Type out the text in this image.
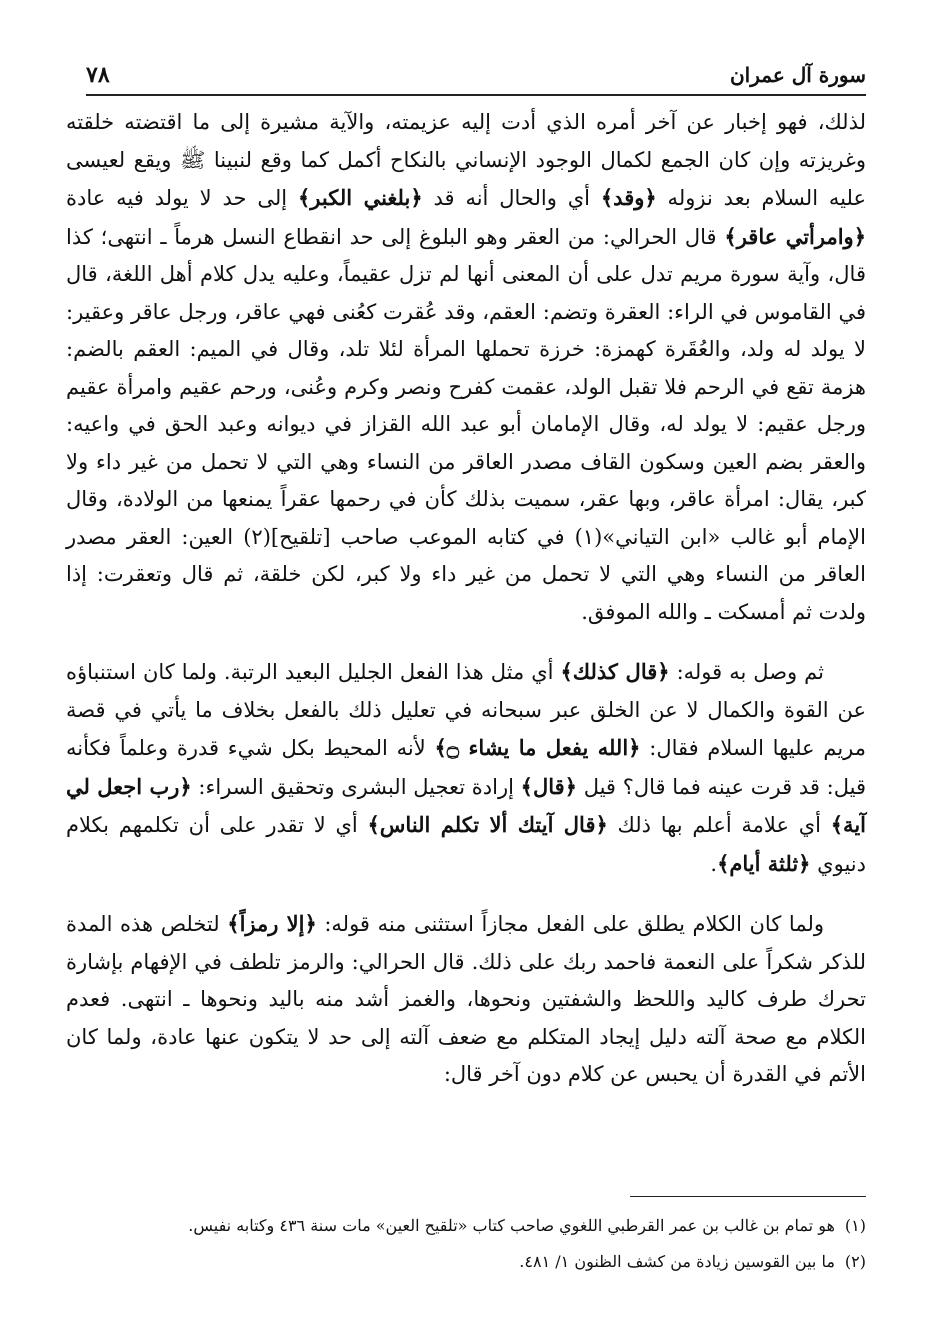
٧٨	سورة آل عمران

لذلك، فهو إخبار عن آخر أمره الذي أدت إليه عزيمته، والآية مشيرة إلى ما اقتضته خلقته وغريزته وإن كان الجمع لكمال الوجود الإنساني بالنكاح أكمل كما وقع لنبينا ﷺ ويقع لعيسى عليه السلام بعد نزوله ﴿وقد﴾ أي والحال أنه قد ﴿بلغني الكبر﴾ إلى حد لا يولد فيه عادة ﴿وامرأتي عاقر﴾ قال الحرالي: من العقر وهو البلوغ إلى حد انقطاع النسل هرماً ـ انتهى؛ كذا قال، وآية سورة مريم تدل على أن المعنى أنها لم تزل عقيماً، وعليه يدل كلام أهل اللغة، قال في القاموس في الراء: العقرة وتضم: العقم، وقد عُقرت كعُنى فهي عاقر، ورجل عاقر وعقير: لا يولد له ولد، والعُقَرة كهمزة: خرزة تحملها المرأة لئلا تلد، وقال في الميم: العقم بالضم: هزمة تقع في الرحم فلا تقبل الولد، عقمت كفرح ونصر وكرم وعُنى، ورحم عقيم وامرأة عقيم ورجل عقيم: لا يولد له، وقال الإمامان أبو عبد الله القزاز في ديوانه وعبد الحق في واعيه: والعقر بضم العين وسكون القاف مصدر العاقر من النساء وهي التي لا تحمل من غير داء ولا كبر، يقال: امرأة عاقر، وبها عقر، سميت بذلك كأن في رحمها عقراً يمنعها من الولادة، وقال الإمام أبو غالب «ابن التياني»(١) في كتابه الموعب صاحب [تلقيح](٢) العين: العقر مصدر العاقر من النساء وهي التي لا تحمل من غير داء ولا كبر، لكن خلقة، ثم قال وتعقرت: إذا ولدت ثم أمسكت ـ والله الموفق.

ثم وصل به قوله: ﴿قال كذلك﴾ أي مثل هذا الفعل الجليل البعيد الرتبة. ولما كان استنباؤه عن القوة والكمال لا عن الخلق عبر سبحانه في تعليل ذلك بالفعل بخلاف ما يأتي في قصة مريم عليها السلام فقال: ﴿الله يفعل ما يشاء ۝﴾ لأنه المحيط بكل شيء قدرة وعلماً فكأنه قيل: قد قرت عينه فما قال؟ قيل ﴿قال﴾ إرادة تعجيل البشرى وتحقيق السراء: ﴿رب اجعل لي آية﴾ أي علامة أعلم بها ذلك ﴿قال آيتك ألا تكلم الناس﴾ أي لا تقدر على أن تكلمهم بكلام دنيوي ﴿ثلثة أيام﴾.

ولما كان الكلام يطلق على الفعل مجازاً استثنى منه قوله: ﴿إلا رمزاً﴾ لتخلص هذه المدة للذكر شكراً على النعمة فاحمد ربك على ذلك. قال الحرالي: والرمز تلطف في الإفهام بإشارة تحرك طرف كاليد واللحظ والشفتين ونحوها، والغمز أشد منه باليد ونحوها ـ انتهى. فعدم الكلام مع صحة آلته دليل إيجاد المتكلم مع ضعف آلته إلى حد لا يتكون عنها عادة، ولما كان الأتم في القدرة أن يحبس عن كلام دون آخر قال:

(١) هو تمام بن غالب بن عمر القرطبي اللغوي صاحب كتاب «تلقيح العين» مات سنة ٤٣٦ وكتابه نفيس.

(٢) ما بين القوسين زيادة من كشف الظنون ١/ ٤٨١.
